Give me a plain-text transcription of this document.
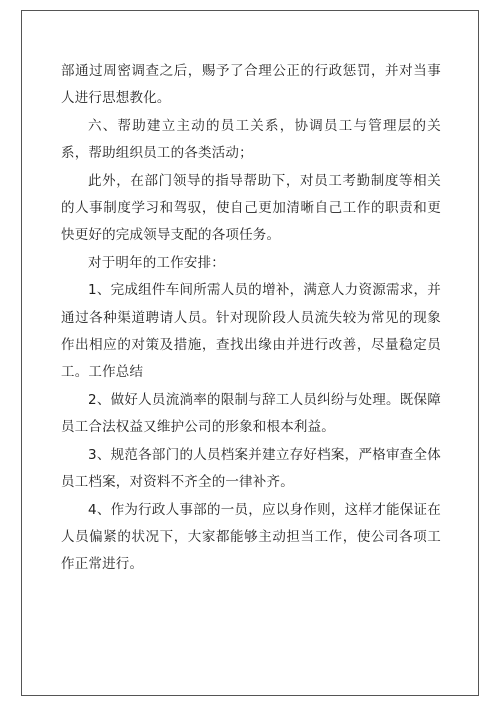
部通过周密调查之后，赐予了合理公正的行政惩罚，并对当事人进行思想教化。

六、帮助建立主动的员工关系，协调员工与管理层的关系，帮助组织员工的各类活动；

此外，在部门领导的指导帮助下，对员工考勤制度等相关的人事制度学习和驾驭，使自己更加清晰自己工作的职责和更快更好的完成领导支配的各项任务。

对于明年的工作安排：

1、完成组件车间所需人员的增补，满意人力资源需求，并通过各种渠道聘请人员。针对现阶段人员流失较为常见的现象作出相应的对策及措施，查找出缘由并进行改善，尽量稳定员工。工作总结

2、做好人员流淌率的限制与辞工人员纠纷与处理。既保障员工合法权益又维护公司的形象和根本利益。

3、规范各部门的人员档案并建立存好档案，严格审查全体员工档案，对资料不齐全的一律补齐。

4、作为行政人事部的一员，应以身作则，这样才能保证在人员偏紧的状况下，大家都能够主动担当工作，使公司各项工作正常进行。
